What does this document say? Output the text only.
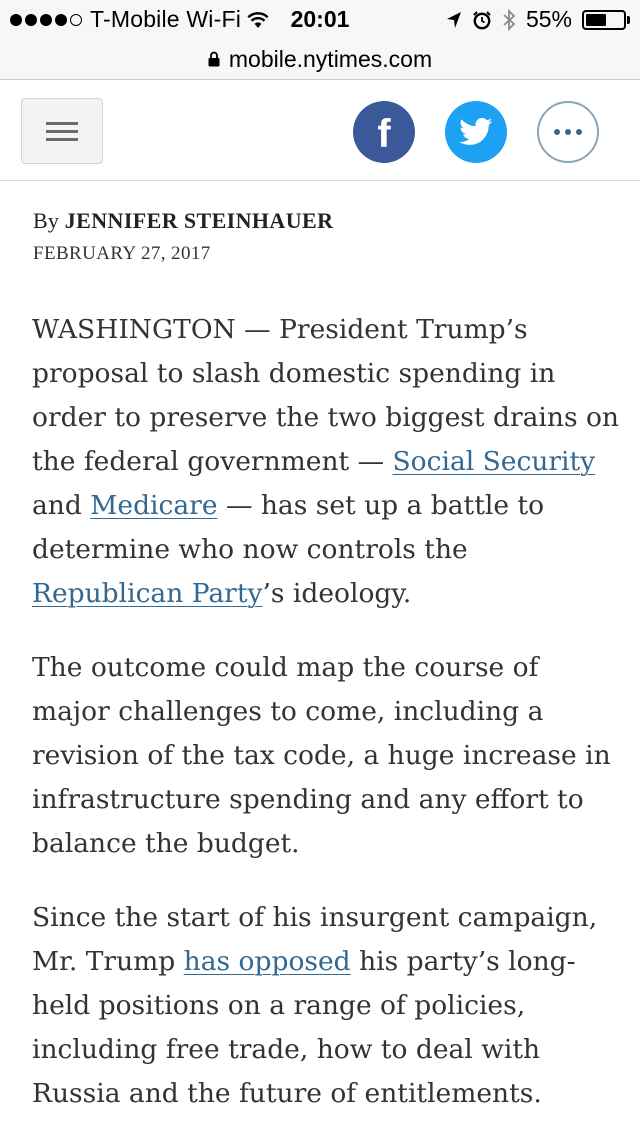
T-Mobile Wi-Fi	20:01	55%
mobile.nytimes.com
f
By JENNIFER STEINHAUER
FEBRUARY 27, 2017

WASHINGTON — President Trump’s proposal to slash domestic spending in order to preserve the two biggest drains on the federal government — Social Security and Medicare — has set up a battle to determine who now controls the Republican Party’s ideology.

The outcome could map the course of major challenges to come, including a revision of the tax code, a huge increase in infrastructure spending and any effort to balance the budget.

Since the start of his insurgent campaign, Mr. Trump has opposed his party’s long-held positions on a range of policies, including free trade, how to deal with Russia and the future of entitlements.
